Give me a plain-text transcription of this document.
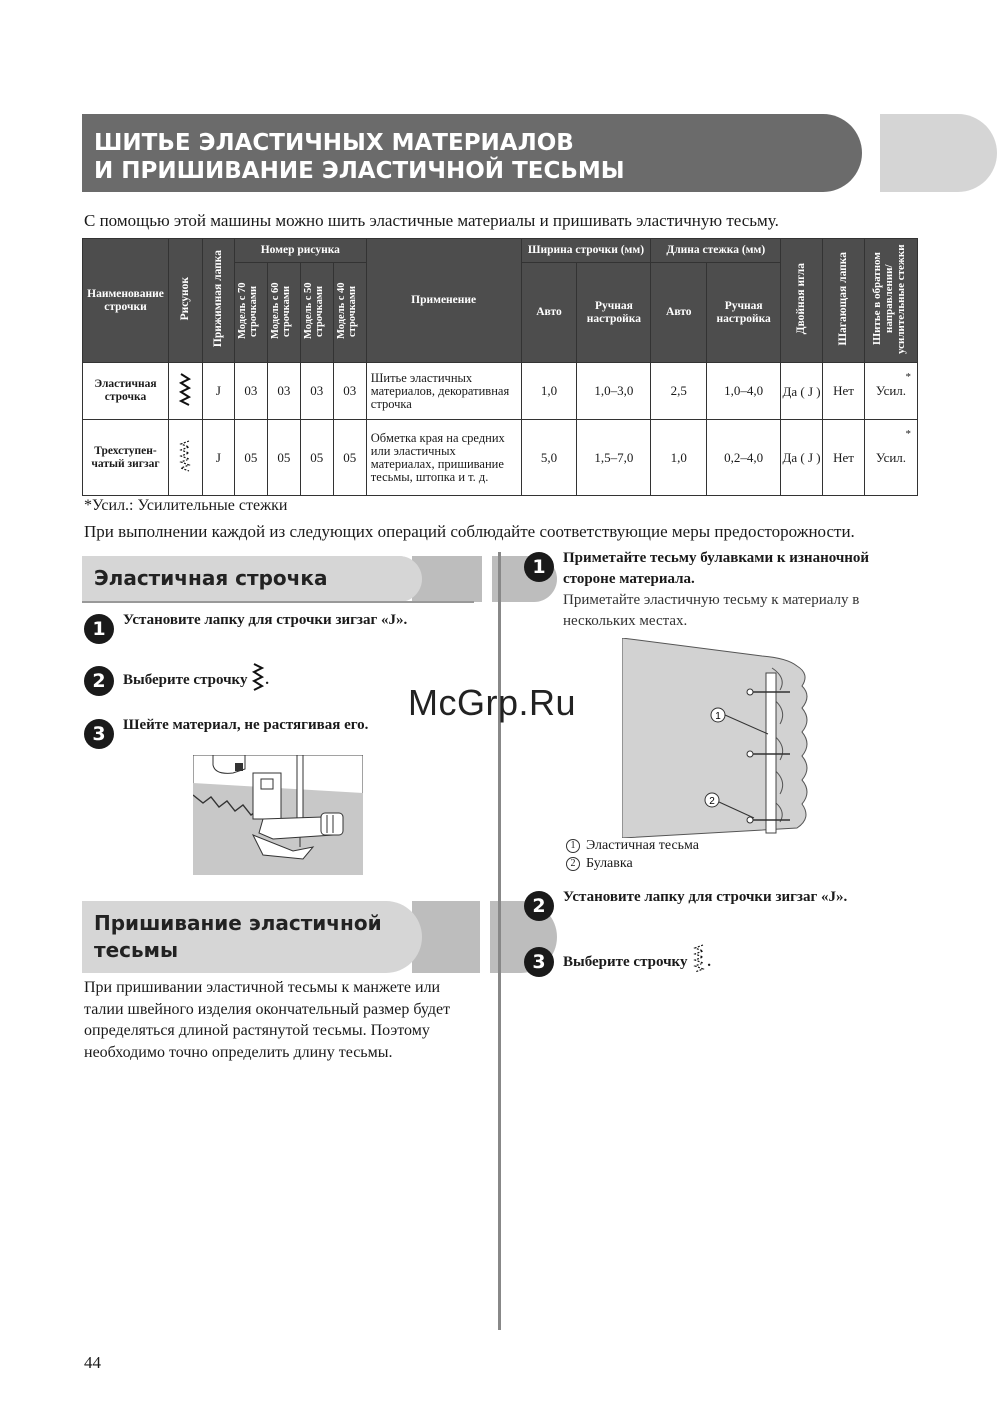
ШИТЬЕ ЭЛАСТИЧНЫХ МАТЕРИАЛОВ
И ПРИШИВАНИЕ ЭЛАСТИЧНОЙ ТЕСЬМЫ
С помощью этой машины можно шить эластичные материалы и пришивать эластичную тесьму.
Наименование строчки	Рисунок	Прижимная лапка	Номер рисунка				Применение	Ширина строчки (мм)		Длина стежка (мм)		Двойная игла	Шагающая лапка	Шитье в обратном направлении/ усилительные стежки
			Модель с 70 строчками	Модель с 60 строчками	Модель с 50 строчками	Модель с 40 строчками		Авто	Ручная настройка	Авто	Ручная настройка			

Эластичная строчка		J	03	03	03	03	Шитье эластичных материалов, декоративная строчка	1,0	1,0–3,0	2,5	1,0–4,0	Да ( J )	Нет	Усил.
*

Трехступен-чатый зигзаг		J	05	05	05	05	Обметка края на средних или эластичных материалах, пришивание тесьмы, штопка и т. д.	5,0	1,5–7,0	1,0	0,2–4,0	Да ( J )	Нет	Усил.
*
*Усил.: Усилительные стежки
При выполнении каждой из следующих операций соблюдайте соответствующие меры предосторожности.
Эластичная строчка
1	Установите лапку для строчки зигзаг «J».
2	Выберите строчку .
3	Шейте материал, не растягивая его.
Пришивание эластичной
тесьмы
При пришивании эластичной тесьмы к манжете или талии швейного изделия окончательный размер будет определяться длиной растянутой тесьмы. Поэтому необходимо точно определить длину тесьмы.
1	Приметайте тесьму булавками к изнаночной стороне материала.
Приметайте эластичную тесьму к материалу в нескольких местах.
1
2
1 Эластичная тесьма
2 Булавка
2	Установите лапку для строчки зигзаг «J».
3	Выберите строчку .
McGrp.Ru
44
